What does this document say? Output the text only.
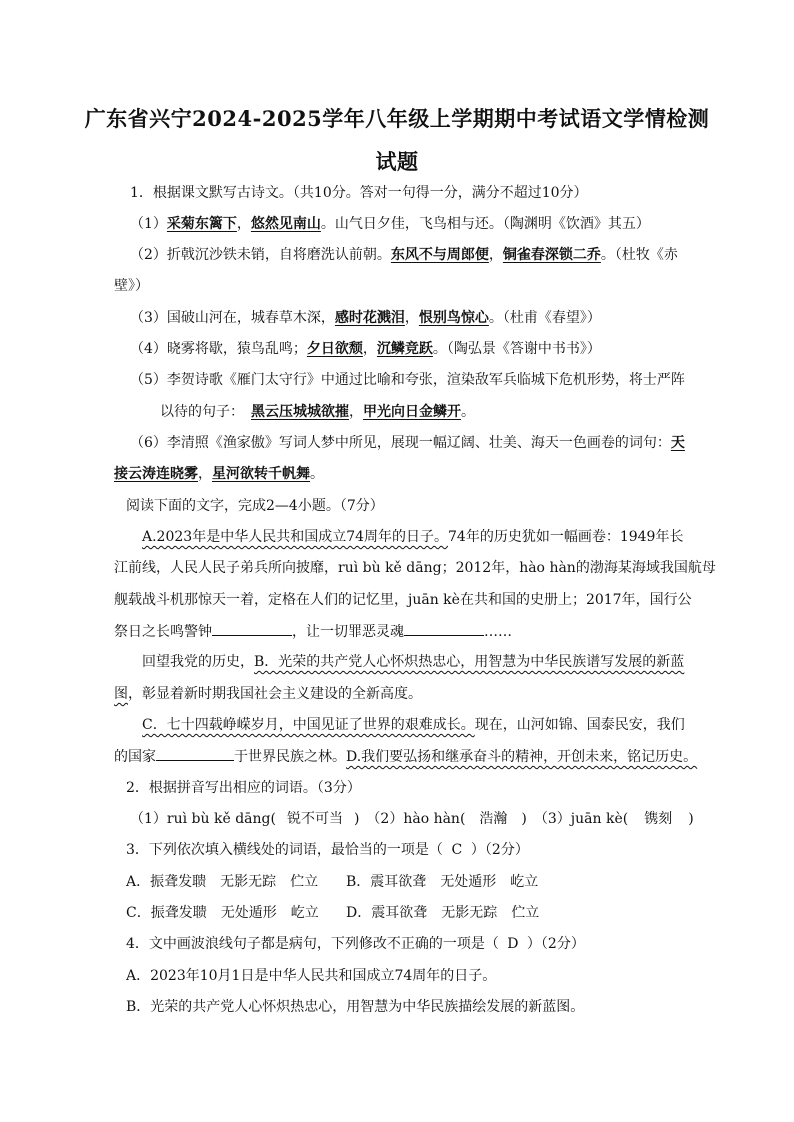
广东省兴宁2024-2025学年八年级上学期期中考试语文学情检测
试题
1．根据课文默写古诗文。（共10分。答对一句得一分，满分不超过10分）
（1）采菊东篱下，悠然见南山。山气日夕佳，飞鸟相与还。（陶渊明《饮酒》其五）
（2）折戟沉沙铁未销，自将磨洗认前朝。东风不与周郎便，铜雀春深锁二乔。（杜牧《赤
壁》）
（3）国破山河在，城春草木深，感时花溅泪，恨别鸟惊心。（杜甫《春望》）
（4）晓雾将歇，猿鸟乱鸣；夕日欲颓，沉鳞竞跃。（陶弘景《答谢中书书》）
（5）李贺诗歌《雁门太守行》中通过比喻和夸张，渲染敌军兵临城下危机形势，将士严阵
以待的句子：　 黑云压城城欲摧，甲光向日金鳞开。
（6）李清照《渔家傲》写词人梦中所见，展现一幅辽阔、壮美、海天一色画卷的词句：天
接云涛连晓雾，星河欲转千帆舞。
阅读下面的文字，完成2—4小题。（7分）
A.2023年是中华人民共和国成立74周年的日子。74年的历史犹如一幅画卷：1949年长
江前线，人民人民子弟兵所向披靡，ruì bù kě dāng；2012年，hào hàn的渤海某海域我国航母
舰载战斗机那惊天一着，定格在人们的记忆里，juān kè在共和国的史册上；2017年，国行公
祭日之长鸣警钟	，让一切罪恶灵魂	……
回望我党的历史，B．光荣的共产党人心怀炽热忠心，用智慧为中华民族谱写发展的新蓝
图，彰显着新时期我国社会主义建设的全新高度。
C．七十四载峥嵘岁月，中国见证了世界的艰难成长。现在，山河如锦、国泰民安，我们
的国家	于世界民族之林。D.我们要弘扬和继承奋斗的精神，开创未来，铭记历史。
2．根据拼音写出相应的词语。（3分）
（1）ruì bù kě dāng( 锐不可当 )　 （2）hào hàn( 浩瀚 )　 （3）juān kè( 镌刻 )
3．下列依次填入横线处的词语，最恰当的一项是（ C ）（2分）
A．振聋发聩　无影无踪　伫立 B．震耳欲聋　无处遁形　屹立
C．振聋发聩　无处遁形　屹立 D．震耳欲聋　无影无踪　伫立
4．文中画波浪线句子都是病句，下列修改不正确的一项是（ D ）（2分）
A．2023年10月1日是中华人民共和国成立74周年的日子。
B．光荣的共产党人心怀炽热忠心，用智慧为中华民族描绘发展的新蓝图。
